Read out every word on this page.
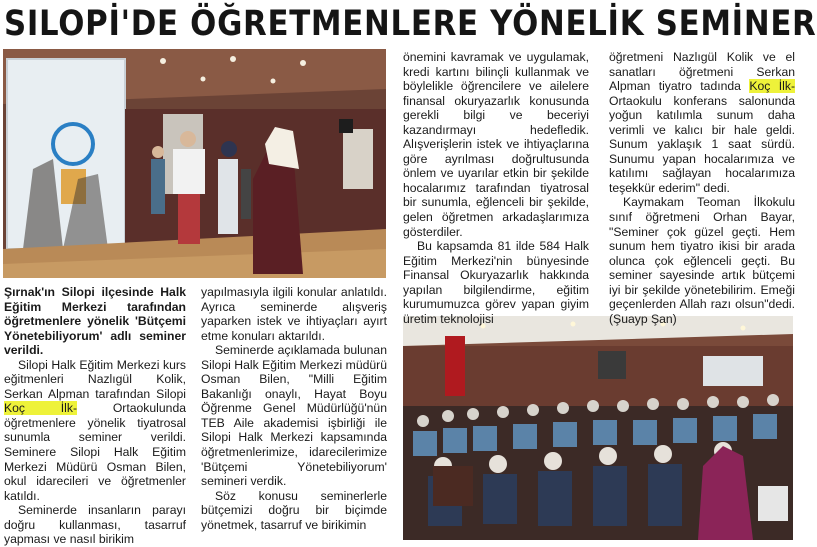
SILOPİ'DE ÖĞRETMENLERE YÖNELİK SEMİNER

Şırnak'ın Silopi ilçesinde Halk Eğitim Merkezi tarafından öğretmenlere yönelik 'Bütçemi Yönetebiliyorum' adlı seminer verildi.

Silopi Halk Eğitim Merkezi kurs eğitmenleri Nazlıgül Kolik, Serkan Alpman tarafından Silopi Koç İlk- Ortaokulunda öğretmenlere yönelik tiyatrosal sunumla seminer verildi. Seminere Silopi Halk Eğitim Merkezi Müdürü Osman Bilen, okul idarecileri ve öğretmenler katıldı.

Seminerde insanların parayı doğru kullanması, tasarruf yapması ve nasıl birikim

yapılmasıyla ilgili konular anlatıldı. Ayrıca seminerde alışveriş yaparken istek ve ihtiyaçları ayırt etme konuları aktarıldı.

Seminerde açıklamada bulunan Silopi Halk Eğitim Merkezi müdürü Osman Bilen, "Milli Eğitim Bakanlığı onaylı, Hayat Boyu Öğrenme Genel Müdürlüğü'nün TEB Aile akademisi işbirliği ile Silopi Halk Merkezi kapsamında öğretmenlerimize, idarecilerimize 'Bütçemi Yönetebiliyorum' semineri verdik.

Söz konusu seminerlerle bütçemizi doğru bir biçimde yönetmek, tasarruf ve birikimin

önemini kavramak ve uygulamak, kredi kartını bilinçli kullanmak ve böylelikle öğrencilere ve ailelere finansal okuryazarlık konusunda gerekli bilgi ve beceriyi kazandırmayı hedefledik. Alışverişlerin istek ve ihtiyaçlarına göre ayrılması doğrultusunda önlem ve uyarılar etkin bir şekilde hocalarımız tarafından tiyatrosal bir sunumla, eğlenceli bir şekilde, gelen öğretmen arkadaşlarımıza gösterdiler.

Bu kapsamda 81 ilde 584 Halk Eğitim Merkezi'nin bünyesinde Finansal Okuryazarlık hakkında yapılan bilgilendirme, eğitim kurumumuzca görev yapan giyim üretim teknolojisi

öğretmeni Nazlıgül Kolik ve el sanatları öğretmeni Serkan Alpman tiyatro tadında Koç İlk- Ortaokulu konferans salonunda yoğun katılımla sunum daha verimli ve kalıcı bir hale geldi. Sunum yaklaşık 1 saat sürdü. Sunumu yapan hocalarımıza ve katılımı sağlayan hocalarımıza teşekkür ederim" dedi.

Kaymakam Teoman İlkokulu sınıf öğretmeni Orhan Bayar, "Seminer çok güzel geçti. Hem sunum hem tiyatro ikisi bir arada olunca çok eğlenceli geçti. Bu seminer sayesinde artık bütçemi iyi bir şekilde yönetebilirim. Emeği geçenlerden Allah razı olsun"dedi.(Şuayp Şan)
